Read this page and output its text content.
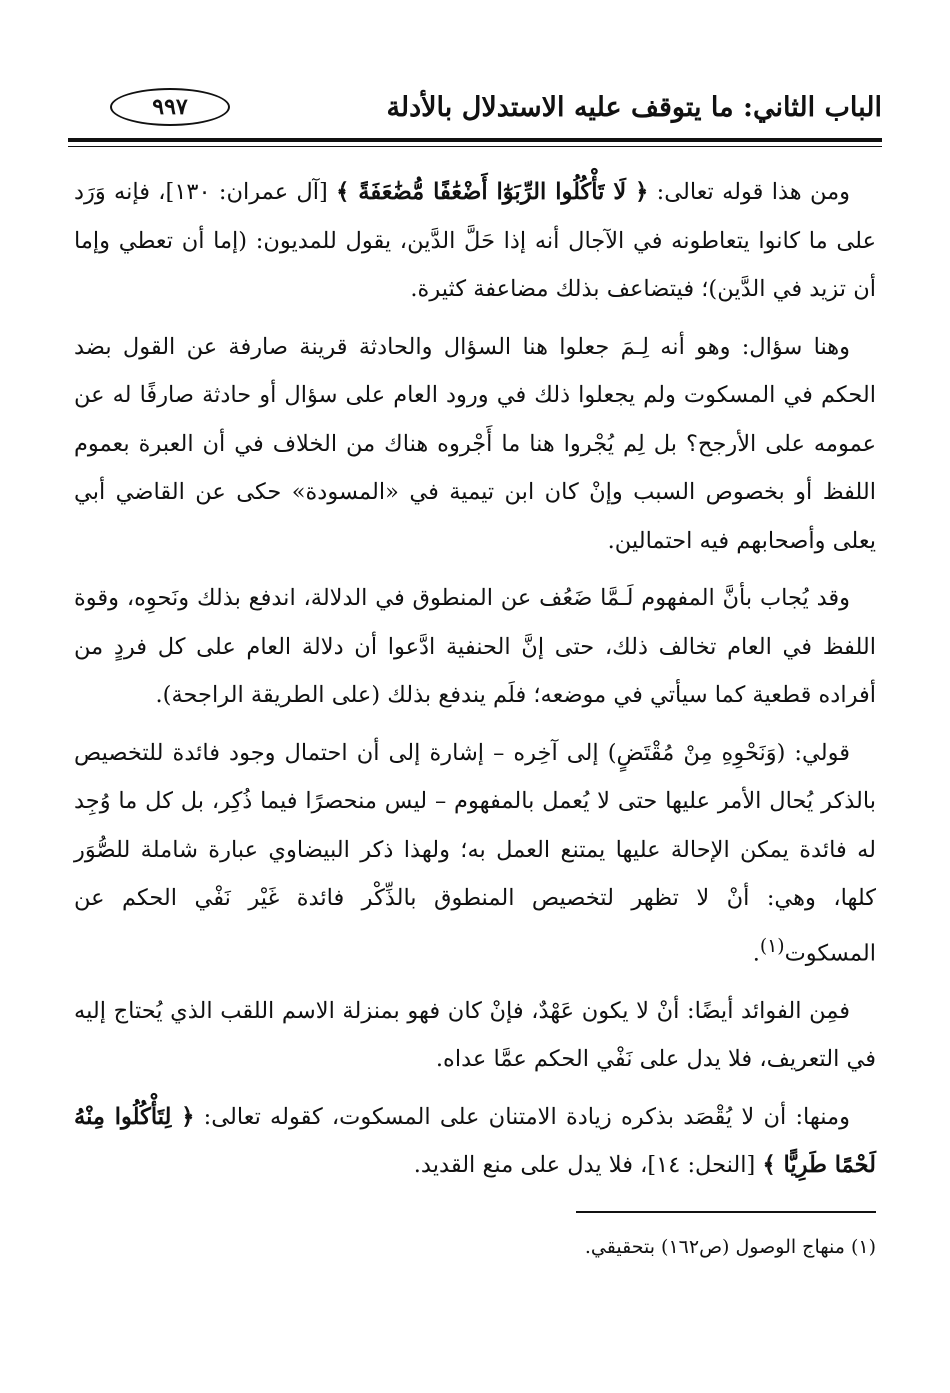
الباب الثاني: ما يتوقف عليه الاستدلال بالأدلة
٩٩٧

ومن هذا قوله تعالى: ﴿ لَا تَأْكُلُوا الرِّبَوٰٓا أَضْعَٰفًا مُّضَٰعَفَةً ﴾ [آل عمران: ١٣٠]، فإنه وَرَد على ما كانوا يتعاطونه في الآجال أنه إذا حَلَّ الدَّين، يقول للمديون: (إما أن تعطي وإما أن تزيد في الدَّين)؛ فيتضاعف بذلك مضاعفة كثيرة.

وهنا سؤال: وهو أنه لِـمَ جعلوا هنا السؤال والحادثة قرينة صارفة عن القول بضد الحكم في المسكوت ولم يجعلوا ذلك في ورود العام على سؤال أو حادثة صارفًا له عن عمومه على الأرجح؟ بل لِم يُجْروا هنا ما أَجْروه هناك من الخلاف في أن العبرة بعموم اللفظ أو بخصوص السبب وإنْ كان ابن تيمية في «المسودة» حكى عن القاضي أبي يعلى وأصحابهم فيه احتمالين.

وقد يُجاب بأنَّ المفهوم لَـمَّا ضَعُف عن المنطوق في الدلالة، اندفع بذلك ونَحوِه، وقوة اللفظ في العام تخالف ذلك، حتى إنَّ الحنفية ادَّعوا أن دلالة العام على كل فردٍ من أفراده قطعية كما سيأتي في موضعه؛ فلَم يندفع بذلك (على الطريقة الراجحة).

قولي: (وَنَحْوِهِ مِنْ مُقْتَضٍ) إلى آخِره – إشارة إلى أن احتمال وجود فائدة للتخصيص بالذكر يُحال الأمر عليها حتى لا يُعمل بالمفهوم – ليس منحصرًا فيما ذُكِر، بل كل ما وُجِد له فائدة يمكن الإحالة عليها يمتنع العمل به؛ ولهذا ذكر البيضاوي عبارة شاملة للصُّوَر كلها، وهي: أنْ لا تظهر لتخصيص المنطوق بالذِّكْر فائدة غَيْر نَفْي الحكم عن المسكوت$^{(١)}$.

فمِن الفوائد أيضًا: أنْ لا يكون عَهْدٌ، فإنْ كان فهو بمنزلة الاسم اللقب الذي يُحتاج إليه في التعريف، فلا يدل على نَفْي الحكم عمَّا عداه.

ومنها: أن لا يُقْصَد بذكره زيادة الامتنان على المسكوت، كقوله تعالى: ﴿ لِتَأْكُلُوا مِنْهُ لَحْمًا طَرِيًّا ﴾ [النحل: ١٤]، فلا يدل على منع القديد.

(١) منهاج الوصول (ص١٦٢) بتحقيقي.
